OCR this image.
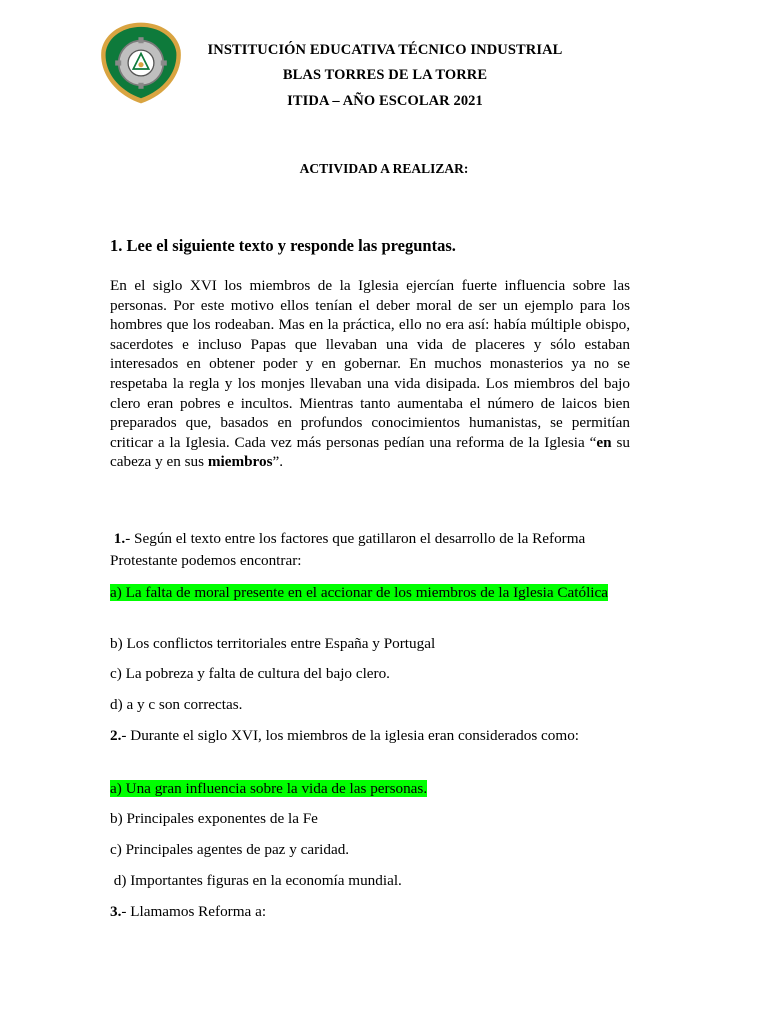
INSTITUCIÓN EDUCATIVA TÉCNICO INDUSTRIAL
BLAS TORRES DE LA TORRE
ITIDA – AÑO ESCOLAR 2021
ACTIVIDAD A REALIZAR:
1. Lee el siguiente texto y responde las preguntas.
En el siglo XVI los miembros de la Iglesia ejercían fuerte influencia sobre las personas. Por este motivo ellos tenían el deber moral de ser un ejemplo para los hombres que los rodeaban. Mas en la práctica, ello no era así: había múltiple obispo, sacerdotes e incluso Papas que llevaban una vida de placeres y sólo estaban interesados en obtener poder y en gobernar. En muchos monasterios ya no se respetaba la regla y los monjes llevaban una vida disipada. Los miembros del bajo clero eran pobres e incultos. Mientras tanto aumentaba el número de laicos bien preparados que, basados en profundos conocimientos humanistas, se permitían criticar a la Iglesia. Cada vez más personas pedían una reforma de la Iglesia “en su cabeza y en sus miembros”.
1.- Según el texto entre los factores que gatillaron el desarrollo de la Reforma Protestante podemos encontrar:
a) La falta de moral presente en el accionar de los miembros de la Iglesia Católica
b) Los conflictos territoriales entre España y Portugal
c) La pobreza y falta de cultura del bajo clero.
d) a y c son correctas.
2.- Durante el siglo XVI, los miembros de la iglesia eran considerados como:
a) Una gran influencia sobre la vida de las personas.
b) Principales exponentes de la Fe
c) Principales agentes de paz y caridad.
d) Importantes figuras en la economía mundial.
3.- Llamamos Reforma a:
